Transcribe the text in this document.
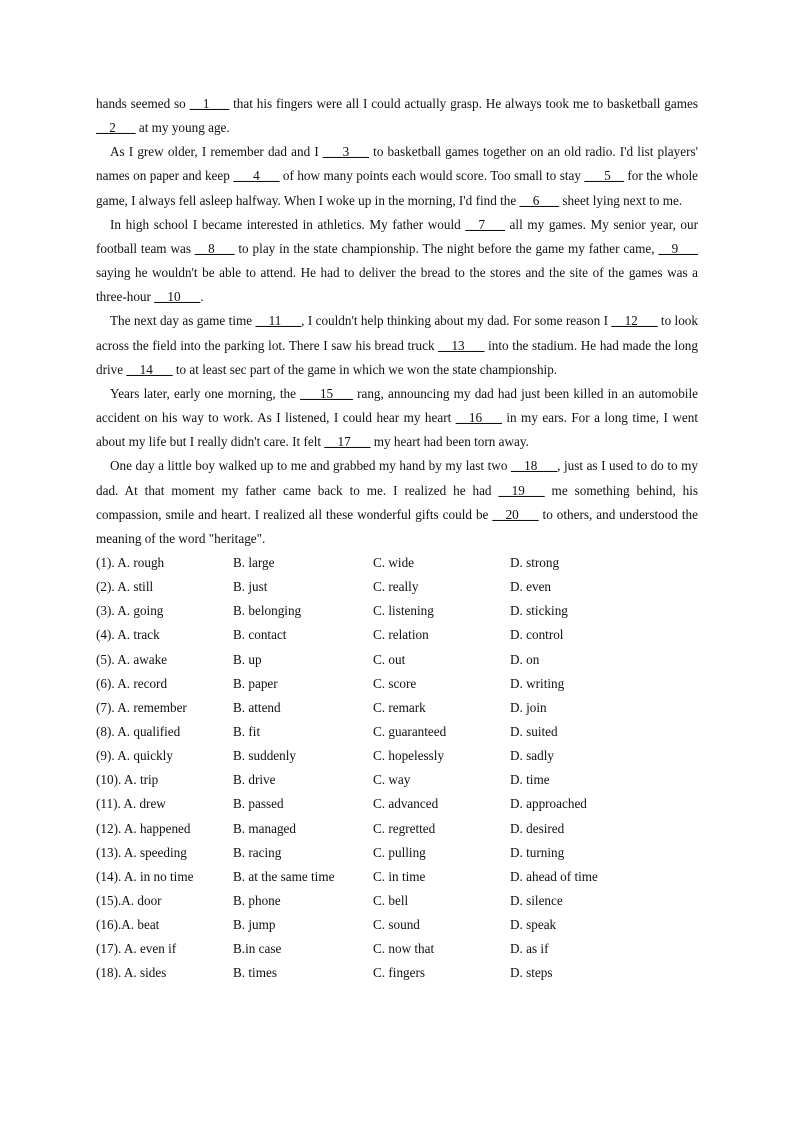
hands seemed so __1___ that his fingers were all I could actually grasp. He always took me to basketball games __2___ at my young age.

As I grew older, I remember dad and I ___3___ to basketball games together on an old radio. I'd list players' names on paper and keep ___4___ of how many points each would score. Too small to stay ___5__ for the whole game, I always fell asleep halfway. When I woke up in the morning, I'd find the __6___ sheet lying next to me.

In high school I became interested in athletics. My father would __7___ all my games. My senior year, our football team was __8___ to play in the state championship. The night before the game my father came, __9___ saying he wouldn't be able to attend. He had to deliver the bread to the stores and the site of the games was a three-hour __10___.

The next day as game time __11___, I couldn't help thinking about my dad. For some reason I __12___ to look across the field into the parking lot. There I saw his bread truck __13___ into the stadium. He had made the long drive __14___ to at least sec part of the game in which we won the state championship.

Years later, early one morning, the ___15___ rang, announcing my dad had just been killed in an automobile accident on his way to work. As I listened, I could hear my heart __16___ in my ears. For a long time, I went about my life but I really didn't care. It felt __17___ my heart had been torn away.

One day a little boy walked up to me and grabbed my hand by my last two __18___, just as I used to do to my dad. At that moment my father came back to me. I realized he had __19___ me something behind, his compassion, smile and heart. I realized all these wonderful gifts could be __20___ to others, and understood the meaning of the word "heritage".

(1). A. rough	B. large	C. wide	D. strong
(2). A. still	B. just	C. really	D. even
(3). A. going	B. belonging	C. listening	D. sticking
(4). A. track	B. contact	C. relation	D. control
(5). A. awake	B. up	C. out	D. on
(6). A. record	B. paper	C. score	D. writing
(7). A. remember	B. attend	C. remark	D. join
(8). A. qualified	B. fit	C. guaranteed	D. suited
(9). A. quickly	B. suddenly	C. hopelessly	D. sadly
(10). A. trip	B. drive	C. way	D. time
(11). A. drew	B. passed	C. advanced	D. approached
(12). A. happened	B. managed	C. regretted	D. desired
(13). A. speeding	B. racing	C. pulling	D. turning
(14). A. in no time	B. at the same time	C. in time	D. ahead of time
(15).A. door	B. phone	C. bell	D. silence
(16).A. beat	B. jump	C. sound	D. speak
(17). A. even if	B.in case	C. now that	D. as if
(18). A. sides	B. times	C. fingers	D. steps
